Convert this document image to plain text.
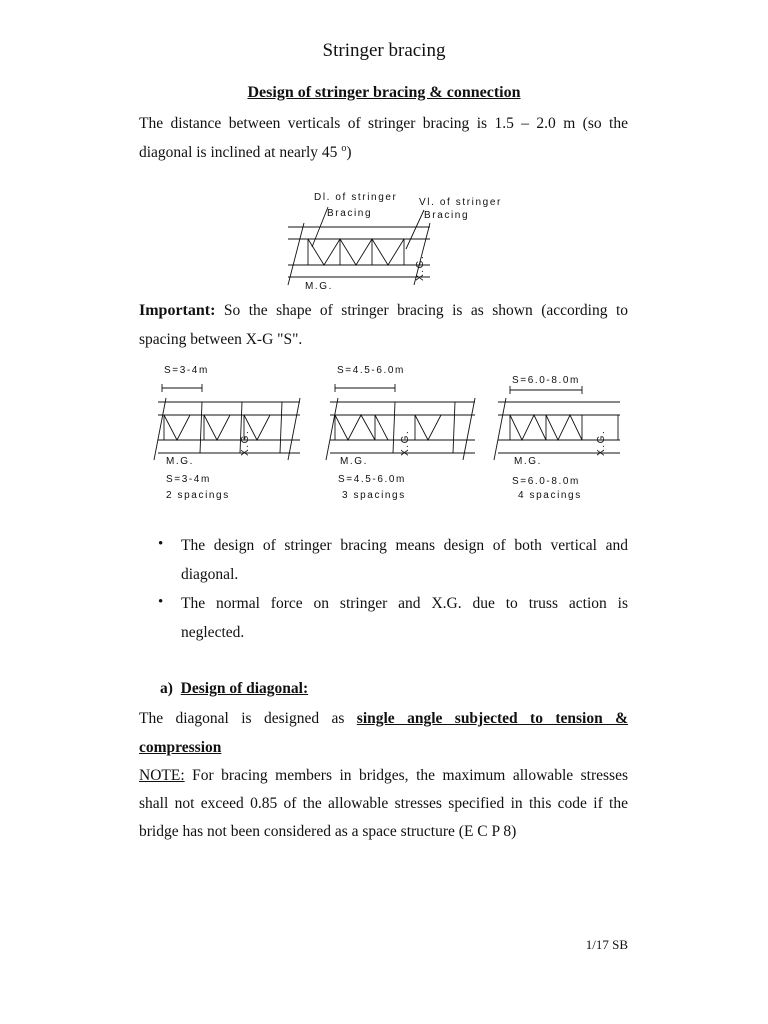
Stringer bracing
Design of stringer bracing & connection
The distance between verticals of stringer bracing is 1.5 – 2.0 m (so the
diagonal is inclined at nearly 45 $^o$)
Dl. of stringer
Bracing
Vl. of stringer
Bracing
M.G.
X.G.
Important: So the shape of stringer bracing is as shown (according to
spacing between X-G "S".
S=3-4m
M.G.
X.G.
S=3-4m
2 spacings
S=4.5-6.0m
M.G.
X.G.
S=4.5-6.0m
3 spacings
S=6.0-8.0m
M.G.
X.G.
S=6.0-8.0m
4 spacings
•	The design of stringer bracing means design of both vertical and
diagonal.
•	The normal force on stringer and X.G. due to truss action is
neglected.
a) Design of diagonal:
The diagonal is designed as single angle subjected to tension &
compression
NOTE: For bracing members in bridges, the maximum allowable stresses
shall not exceed 0.85 of the allowable stresses specified in this code if the
bridge has not been considered as a space structure (E C P 8)
1/17 SB
